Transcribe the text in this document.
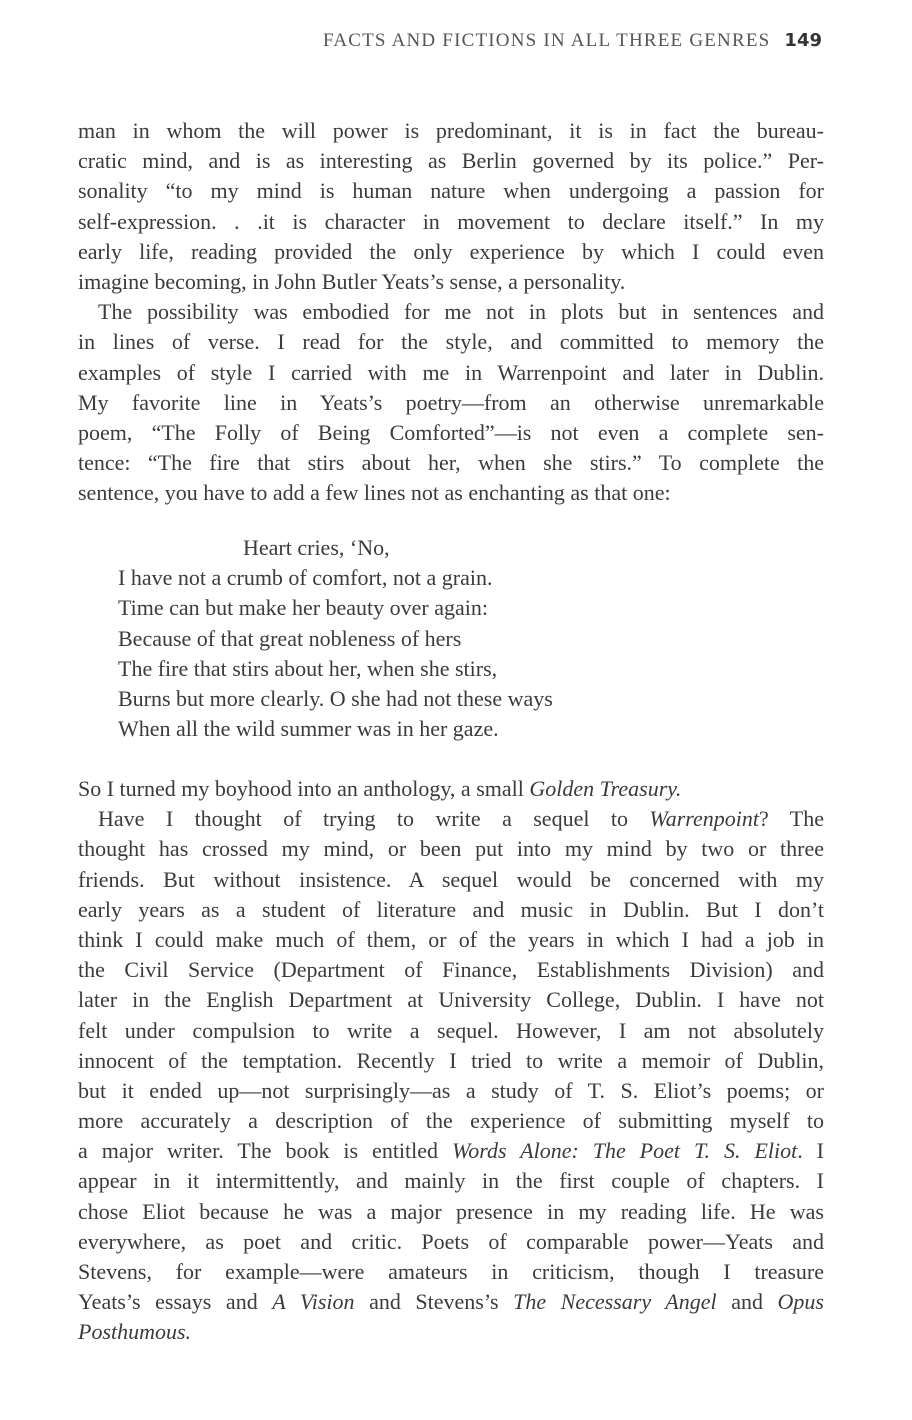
FACTS AND FICTIONS IN ALL THREE GENRES 149
man in whom the will power is predominant, it is in fact the bureau-
cratic mind, and is as interesting as Berlin governed by its police.” Per-
sonality “to my mind is human nature when undergoing a passion for
self-expression. . .it is character in movement to declare itself.” In my
early life, reading provided the only experience by which I could even
imagine becoming, in John Butler Yeats’s sense, a personality.
The possibility was embodied for me not in plots but in sentences and
in lines of verse. I read for the style, and committed to memory the
examples of style I carried with me in Warrenpoint and later in Dublin.
My favorite line in Yeats’s poetry—from an otherwise unremarkable
poem, “The Folly of Being Comforted”—is not even a complete sen-
tence: “The fire that stirs about her, when she stirs.” To complete the
sentence, you have to add a few lines not as enchanting as that one:
Heart cries, ‘No,
I have not a crumb of comfort, not a grain.
Time can but make her beauty over again:
Because of that great nobleness of hers
The fire that stirs about her, when she stirs,
Burns but more clearly. O she had not these ways
When all the wild summer was in her gaze.
So I turned my boyhood into an anthology, a small Golden Treasury.
Have I thought of trying to write a sequel to Warrenpoint? The
thought has crossed my mind, or been put into my mind by two or three
friends. But without insistence. A sequel would be concerned with my
early years as a student of literature and music in Dublin. But I don’t
think I could make much of them, or of the years in which I had a job in
the Civil Service (Department of Finance, Establishments Division) and
later in the English Department at University College, Dublin. I have not
felt under compulsion to write a sequel. However, I am not absolutely
innocent of the temptation. Recently I tried to write a memoir of Dublin,
but it ended up—not surprisingly—as a study of T. S. Eliot’s poems; or
more accurately a description of the experience of submitting myself to
a major writer. The book is entitled Words Alone: The Poet T. S. Eliot. I
appear in it intermittently, and mainly in the first couple of chapters. I
chose Eliot because he was a major presence in my reading life. He was
everywhere, as poet and critic. Poets of comparable power—Yeats and
Stevens, for example—were amateurs in criticism, though I treasure
Yeats’s essays and A Vision and Stevens’s The Necessary Angel and Opus
Posthumous.
